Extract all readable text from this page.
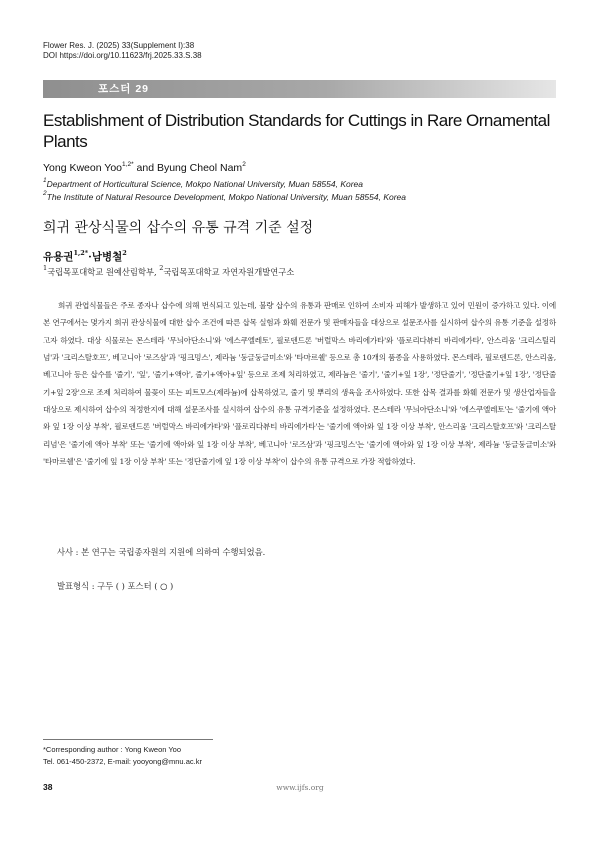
Flower Res. J. (2025) 33(Supplement I):38
DOI https://doi.org/10.11623/frj.2025.33.S.38
포스터 29
Establishment of Distribution Standards for Cuttings in Rare Ornamental Plants
Yong Kweon Yoo$^{1,2*}$ and Byung Cheol Nam$^2$
$^1$Department of Horticultural Science, Mokpo National University, Muan 58554, Korea
$^2$The Institute of Natural Resource Development, Mokpo National University, Muan 58554, Korea
희귀 관상식물의 삽수의 유통 규격 기준 설정
유용권$^{1,2*}$·남병철$^2$
$^1$국립목포대학교 원예산림학부, $^2$국립목포대학교 자연자원개발연구소
희귀 관엽식물들은 주로 종자나 삽수에 의해 번식되고 있는데, 불량 삽수의 유통과 판매로 인하여 소비자 피해가 발생하고 있어 민원이 증가하고 있다. 이에 본 연구에서는 몇가지 희귀 관상식물에 대한 삽수 조건에 따른 삽목 실험과 화훼 전문가 및 판매자들을 대상으로 설문조사를 실시하여 삽수의 유통 기준을 설정하고자 하였다. 대상 식물로는 몬스테라 '무늬아단소니'와 '에스쿠엘레토', 필로덴드론 '버럴막스 바리에가타'와 '플로리다뷰티 바리에가타', 안스리움 '크리스틸리넘'과 '크리스탈호프', 베고니아 '로즈삼'과 '핑크밍스', 제라늄 '둥글둥글미소'와 '타마르쉘' 등으로 총 10개의 품종을 사용하였다. 몬스테라, 필로덴드론, 안스리움, 베고니아 등은 삽수를 '줄기', '잎', '줄기+액아', 줄기+액아+잎' 등으로 조제 처리하였고, 제라늄은 '줄기', '줄기+잎 1장', '정단줄기', '정단줄기+잎 1장', '정단줄기+잎 2장'으로 조제 처리하여 물꽂이 또는 피트모스(제라늄)에 삽목하였고, 줄기 및 뿌리의 생육을 조사하였다. 또한 삽목 결과를 화훼 전문가 및 생산업자들을 대상으로 제시하여 삽수의 적정한지에 대해 설문조사를 실시하여 삽수의 유통 규격기준을 설정하였다. 몬스테라 '무늬아단소니'와 '에스쿠엘레토'는 '줄기에 액아와 잎 1장 이상 부착', 필로덴드론 '버럴막스 바리에가타'와 '플로리다뷰티 바리에가타'는 '줄기에 액아와 잎 1장 이상 부착', 안스리움 '크리스탈호프'와 '크리스탈리넘'은 '줄기에 액아 부착' 또는 '줄기에 액아와 잎 1장 이상 부착', 베고니아 '로즈삼'과 '핑크밍스'는 '줄기에 액아와 잎 1장 이상 부착', 제라늄 '둥글둥글미소'와 '타마르쉘'은 '줄기에 잎 1장 이상 부착' 또는 '정단줄기에 잎 1장 이상 부착'이 삽수의 유통 규격으로 가장 적합하였다.
사사 : 본 연구는 국립종자원의 지원에 의하여 수행되었음.
발표형식 : 구두 ( ) 포스터 ( ○ )
*Corresponding author : Yong Kweon Yoo
Tel. 061-450-2372, E-mail: yooyong@mnu.ac.kr
38	www.ijfs.org
